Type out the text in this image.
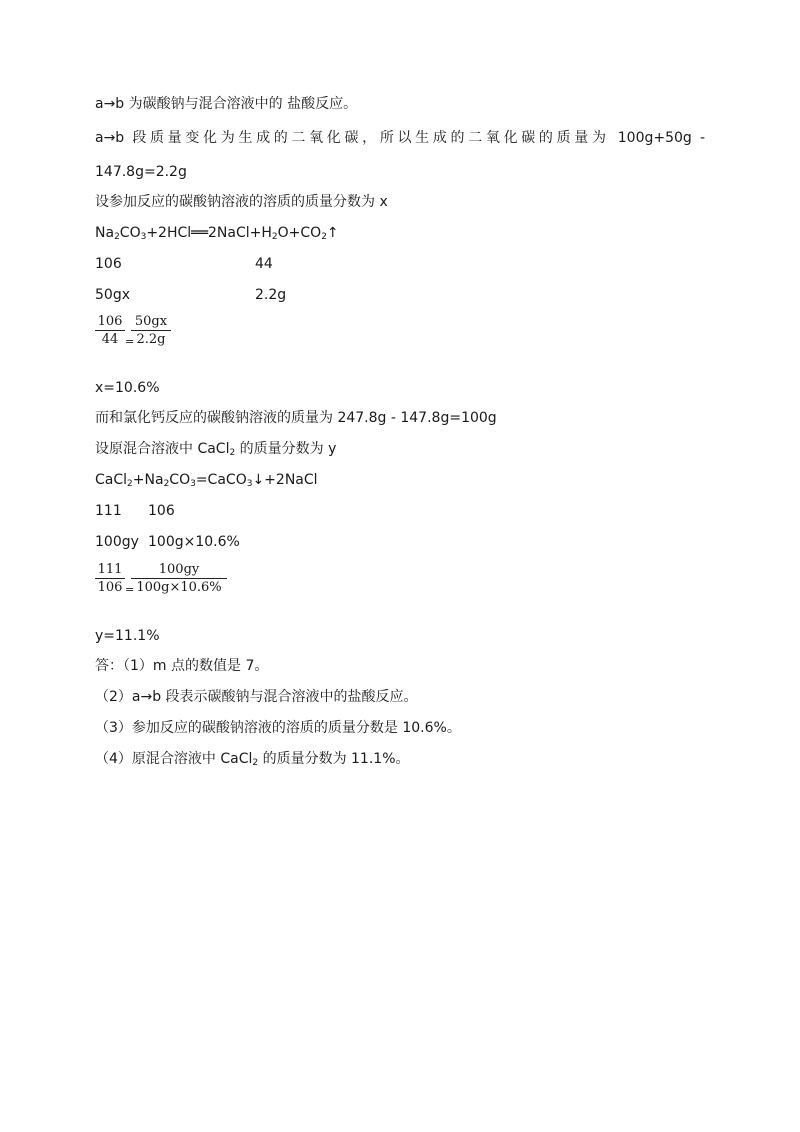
a→b 为碳酸钠与混合溶液中的 盐酸反应。
a→b 段质量变化为生成的二氧化碳，所以生成的二氧化碳的质量为 100g+50g -
147.8g=2.2g
设参加反应的碳酸钠溶液的溶质的质量分数为 x
$Na_2CO_3+2HCl══2NaCl+H_2O+CO_2↑$
106	44
50gx	2.2g
106
44 =
50gx
2.2g
x=10.6%
而和氯化钙反应的碳酸钠溶液的质量为 247.8g - 147.8g=100g
设原混合溶液中 CaCl$_2$ 的质量分数为 y
$CaCl_2+Na_2CO_3=CaCO_3↓+2NaCl$
111 106
100gy 100g×10.6%
111
106 =
100gy
100g×10.6%
y=11.1%
答：（1）m 点的数值是 7。
（2）a→b 段表示碳酸钠与混合溶液中的盐酸反应。
（3）参加反应的碳酸钠溶液的溶质的质量分数是 10.6%。
（4）原混合溶液中 CaCl$_2$ 的质量分数为 11.1%。
